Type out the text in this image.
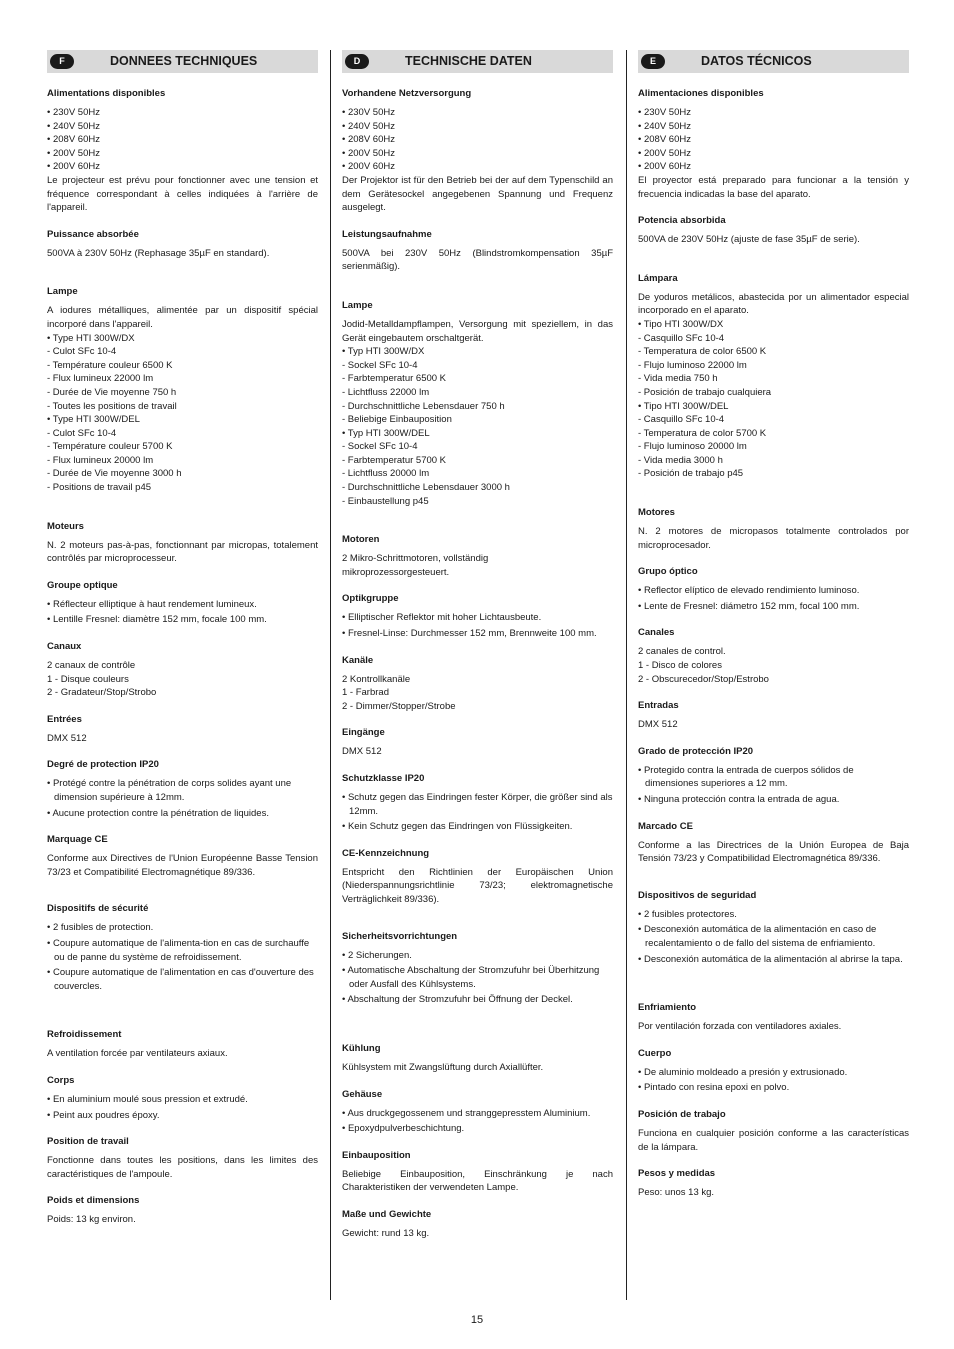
F	DONNEES TECHNIQUES
Alimentations disponibles
• 230V 50Hz
• 240V 50Hz
• 208V 60Hz
• 200V 50Hz
• 200V 60Hz
Le projecteur est prévu pour fonctionner avec une tension et fréquence correspondant à celles indiquées à l'arrière de l'appareil.
Puissance absorbée
500VA à 230V 50Hz (Rephasage 35µF en standard).
Lampe
A iodures métalliques, alimentée par un dispositif spécial incorporé dans l'appareil.
• Type HTI 300W/DX
- Culot SFc 10-4
- Température couleur 6500 K
- Flux lumineux 22000 lm
- Durée de Vie moyenne 750 h
- Toutes les positions de travail
• Type HTI 300W/DEL
- Culot SFc 10-4
- Température couleur 5700 K
- Flux lumineux 20000 lm
- Durée de Vie moyenne 3000 h
- Positions de travail p45
Moteurs
N. 2 moteurs pas-à-pas, fonctionnant par micropas, totalement contrôlés par microprocesseur.
Groupe optique
• Réflecteur elliptique à haut rendement lumineux.
• Lentille Fresnel: diamètre 152 mm, focale 100 mm.
Canaux
2 canaux de contrôle
1 - Disque couleurs
2 - Gradateur/Stop/Strobo
Entrées
DMX 512
Degré de protection IP20
• Protégé contre la pénétration de corps solides ayant une dimension supérieure à 12mm.
• Aucune protection contre la pénétration de liquides.
Marquage CE
Conforme aux Directives de l'Union Européenne Basse Tension 73/23 et Compatibilité Electromagnétique 89/336.
Dispositifs de sécurité
• 2 fusibles de protection.
• Coupure automatique de l'alimenta-tion en cas de surchauffe ou de panne du système de refroidissement.
• Coupure automatique de l'alimentation en cas d'ouverture des couvercles.
Refroidissement
A ventilation forcée par ventilateurs axiaux.
Corps
• En aluminium moulé sous pression et extrudé.
• Peint aux poudres époxy.
Position de travail
Fonctionne dans toutes les positions, dans les limites des caractéristiques de l'ampoule.
Poids et dimensions
Poids: 13 kg environ.
D	TECHNISCHE DATEN
Vorhandene Netzversorgung
• 230V 50Hz
• 240V 50Hz
• 208V 60Hz
• 200V 50Hz
• 200V 60Hz
Der Projektor ist für den Betrieb bei der auf dem Typenschild an dem Gerätesockel angegebenen Spannung und Frequenz ausgelegt.
Leistungsaufnahme
500VA bei 230V 50Hz (Blindstromkompensation 35µF serienmäßig).
Lampe
Jodid-Metalldampflampen, Versorgung mit speziellem, in das Gerät eingebautem orschaltgerät.
• Typ HTI 300W/DX
- Sockel SFc 10-4
- Farbtemperatur 6500 K
- Lichtfluss 22000 lm
- Durchschnittliche Lebensdauer 750 h
- Beliebige Einbauposition
• Typ HTI 300W/DEL
- Sockel SFc 10-4
- Farbtemperatur 5700 K
- Lichtfluss 20000 lm
- Durchschnittliche Lebensdauer 3000 h
- Einbaustellung p45
Motoren
2 Mikro-Schrittmotoren, vollständig
mikroprozessorgesteuert.
Optikgruppe
• Elliptischer Reflektor mit hoher Lichtausbeute.
• Fresnel-Linse: Durchmesser 152 mm, Brennweite 100 mm.
Kanäle
2 Kontrollkanäle
1 - Farbrad
2 - Dimmer/Stopper/Strobe
Eingänge
DMX 512
Schutzklasse IP20
• Schutz gegen das Eindringen fester Körper, die größer sind als 12mm.
• Kein Schutz gegen das Eindringen von Flüssigkeiten.
CE-Kennzeichnung
Entspricht den Richtlinien der Europäischen Union (Niederspannungsrichtlinie 73/23; elektromagnetische Verträglichkeit 89/336).
Sicherheitsvorrichtungen
• 2 Sicherungen.
• Automatische Abschaltung der Stromzufuhr bei Überhitzung oder Ausfall des Kühlsystems.
• Abschaltung der Stromzufuhr bei Öffnung der Deckel.
Kühlung
Kühlsystem mit Zwangslüftung durch Axiallüfter.
Gehäuse
• Aus druckgegossenem und stranggepresstem Aluminium.
• Epoxydpulverbeschichtung.
Einbauposition
Beliebige Einbauposition, Einschränkung je nach Charakteristiken der verwendeten Lampe.
Maße und Gewichte
Gewicht: rund 13 kg.
E	DATOS TÉCNICOS
Alimentaciones disponibles
• 230V 50Hz
• 240V 50Hz
• 208V 60Hz
• 200V 50Hz
• 200V 60Hz
El proyector está preparado para funcionar a la tensión y frecuencia indicadas la base del aparato.
Potencia absorbida
500VA de 230V 50Hz (ajuste de fase 35µF de serie).
Lámpara
De yoduros metálicos, abastecida por un alimentador especial incorporado en el aparato.
• Tipo HTI 300W/DX
- Casquillo SFc 10-4
- Temperatura de color 6500 K
- Flujo luminoso 22000 lm
- Vida media 750 h
- Posición de trabajo cualquiera
• Tipo HTI 300W/DEL
- Casquillo SFc 10-4
- Temperatura de color 5700 K
- Flujo luminoso 20000 lm
- Vida media 3000 h
- Posición de trabajo p45
Motores
N. 2 motores de micropasos totalmente controlados por microprocesador.
Grupo óptico
• Reflector elíptico de elevado rendimiento luminoso.
• Lente de Fresnel: diámetro 152 mm, focal 100 mm.
Canales
2 canales de control.
1 - Disco de colores
2 - Obscurecedor/Stop/Estrobo
Entradas
DMX 512
Grado de protección IP20
• Protegido contra la entrada de cuerpos sólidos de dimensiones superiores a 12 mm.
• Ninguna protección contra la entrada de agua.
Marcado CE
Conforme a las Directrices de la Unión Europea de Baja Tensión 73/23 y Compatibilidad Electromagnética 89/336.
Dispositivos de seguridad
• 2 fusibles protectores.
• Desconexión automática de la alimentación en caso de recalentamiento o de fallo del sistema de enfriamiento.
• Desconexión automática de la alimentación al abrirse la tapa.
Enfriamiento
Por ventilación forzada con ventiladores axiales.
Cuerpo
• De aluminio moldeado a presión y extrusionado.
• Pintado con resina epoxi en polvo.
Posición de trabajo
Funciona en cualquier posición conforme a las características de la lámpara.
Pesos y medidas
Peso: unos 13 kg.
15
